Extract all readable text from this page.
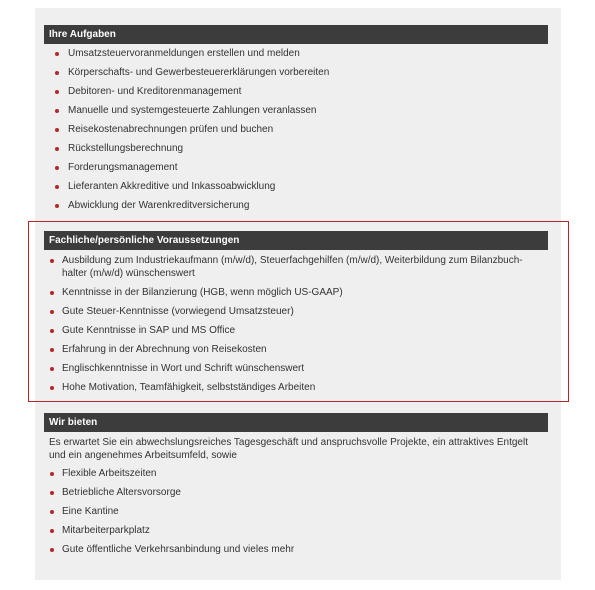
Ihre Aufgaben
Umsatzsteuervoranmeldungen erstellen und melden
Körperschafts- und Gewerbesteuererklärungen vorbereiten
Debitoren- und Kreditorenmanagement
Manuelle und systemgesteuerte Zahlungen veranlassen
Reisekostenabrechnungen prüfen und buchen
Rückstellungsberechnung
Forderungsmanagement
Lieferanten Akkreditive und Inkassoabwicklung
Abwicklung der Warenkreditversicherung
Fachliche/persönliche Voraussetzungen
Ausbildung zum Industriekaufmann (m/w/d), Steuerfachgehilfen (m/w/d), Weiterbildung zum Bilanzbuch-halter (m/w/d) wünschenswert
Kenntnisse in der Bilanzierung (HGB, wenn möglich US-GAAP)
Gute Steuer-Kenntnisse (vorwiegend Umsatzsteuer)
Gute Kenntnisse in SAP und MS Office
Erfahrung in der Abrechnung von Reisekosten
Englischkenntnisse in Wort und Schrift wünschenswert
Hohe Motivation, Teamfähigkeit, selbstständiges Arbeiten
Wir bieten
Es erwartet Sie ein abwechslungsreiches Tagesgeschäft und anspruchsvolle Projekte, ein attraktives Entgelt und ein angenehmes Arbeitsumfeld, sowie
Flexible Arbeitszeiten
Betriebliche Altersvorsorge
Eine Kantine
Mitarbeiterparkplatz
Gute öffentliche Verkehrsanbindung und vieles mehr
